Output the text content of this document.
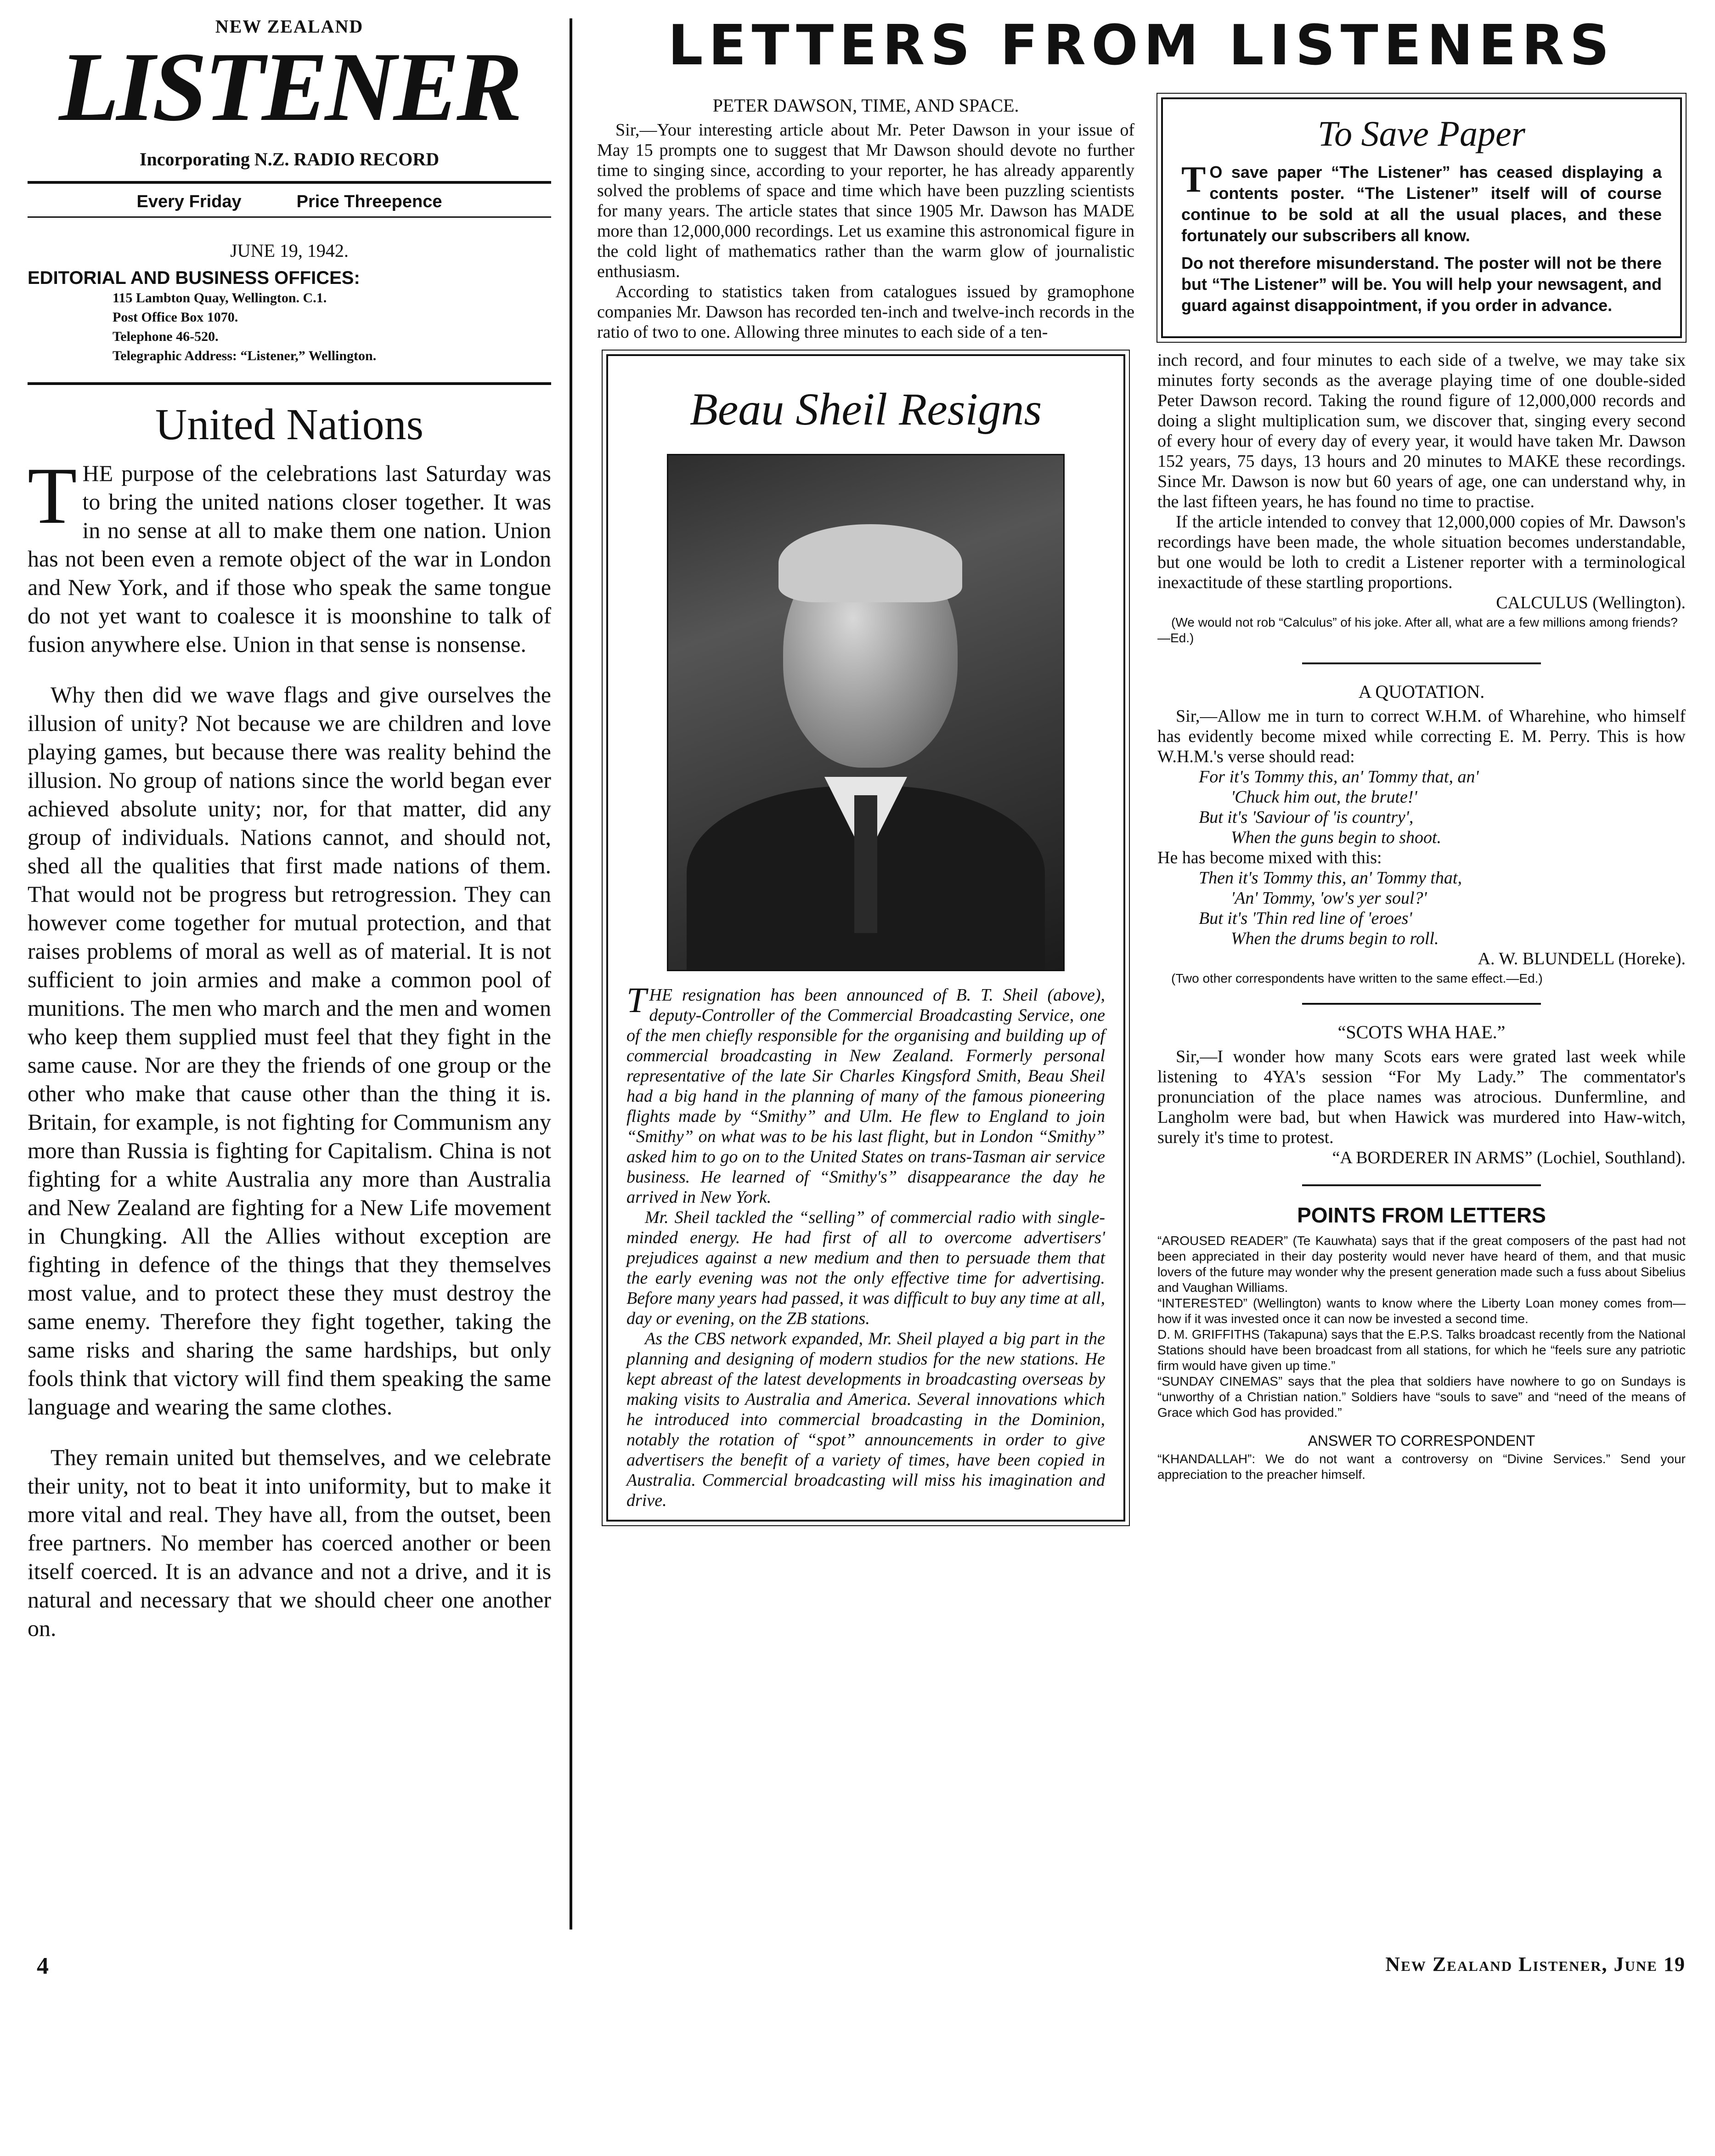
NEW ZEALAND
LISTENER
Incorporating N.Z. RADIO RECORD
Every Friday	Price Threepence
JUNE 19, 1942.
EDITORIAL AND BUSINESS OFFICES:
115 Lambton Quay, Wellington. C.1.
Post Office Box 1070.
Telephone 46-520.
Telegraphic Address: “Listener,” Wellington.
United Nations

THE purpose of the celebrations last Saturday was to bring the united nations closer together. It was in no sense at all to make them one nation. Union has not been even a remote object of the war in London and New York, and if those who speak the same tongue do not yet want to coalesce it is moonshine to talk of fusion anywhere else. Union in that sense is nonsense.

Why then did we wave flags and give ourselves the illusion of unity? Not because we are children and love playing games, but because there was reality behind the illusion. No group of nations since the world began ever achieved absolute unity; nor, for that matter, did any group of individuals. Nations cannot, and should not, shed all the qualities that first made nations of them. That would not be progress but retrogression. They can however come together for mutual protection, and that raises problems of moral as well as of material. It is not sufficient to join armies and make a common pool of munitions. The men who march and the men and women who keep them supplied must feel that they fight in the same cause. Nor are they the friends of one group or the other who make that cause other than the thing it is. Britain, for example, is not fighting for Communism any more than Russia is fighting for Capitalism. China is not fighting for a white Australia any more than Australia and New Zealand are fighting for a New Life movement in Chungking. All the Allies without exception are fighting in defence of the things that they themselves most value, and to protect these they must destroy the same enemy. Therefore they fight together, taking the same risks and sharing the same hardships, but only fools think that victory will find them speaking the same language and wearing the same clothes.

They remain united but themselves, and we celebrate their unity, not to beat it into uniformity, but to make it more vital and real. They have all, from the outset, been free partners. No member has coerced another or been itself coerced. It is an advance and not a drive, and it is natural and necessary that we should cheer one another on.

LETTERS FROM LISTENERS
PETER DAWSON, TIME, AND SPACE.

Sir,—Your interesting article about Mr. Peter Dawson in your issue of May 15 prompts one to suggest that Mr Dawson should devote no further time to singing since, according to your reporter, he has already apparently solved the problems of space and time which have been puzzling scientists for many years. The article states that since 1905 Mr. Dawson has MADE more than 12,000,000 recordings. Let us examine this astronomical figure in the cold light of mathematics rather than the warm glow of journalistic enthusiasm.

According to statistics taken from catalogues issued by gramophone companies Mr. Dawson has recorded ten-inch and twelve-inch records in the ratio of two to one. Allowing three minutes to each side of a ten-

Beau Sheil Resigns

THE resignation has been announced of B. T. Sheil (above), deputy-Controller of the Commercial Broadcasting Service, one of the men chiefly responsible for the organising and building up of commercial broadcasting in New Zealand. Formerly personal representative of the late Sir Charles Kingsford Smith, Beau Sheil had a big hand in the planning of many of the famous pioneering flights made by “Smithy” and Ulm. He flew to England to join “Smithy” on what was to be his last flight, but in London “Smithy” asked him to go on to the United States on trans-Tasman air service business. He learned of “Smithy's” disappearance the day he arrived in New York.

Mr. Sheil tackled the “selling” of commercial radio with single-minded energy. He had first of all to overcome advertisers' prejudices against a new medium and then to persuade them that the early evening was not the only effective time for advertising. Before many years had passed, it was difficult to buy any time at all, day or evening, on the ZB stations.

As the CBS network expanded, Mr. Sheil played a big part in the planning and designing of modern studios for the new stations. He kept abreast of the latest developments in broadcasting overseas by making visits to Australia and America. Several innovations which he introduced into commercial broadcasting in the Dominion, notably the rotation of “spot” announcements in order to give advertisers the benefit of a variety of times, have been copied in Australia. Commercial broadcasting will miss his imagination and drive.

To Save Paper

T O save paper “The Listener” has ceased displaying a contents poster. “The Listener” itself will of course continue to be sold at all the usual places, and these fortunately our subscribers all know.

Do not therefore misunderstand. The poster will not be there but “The Listener” will be. You will help your newsagent, and guard against disappointment, if you order in advance.

inch record, and four minutes to each side of a twelve, we may take six minutes forty seconds as the average playing time of one double-sided Peter Dawson record. Taking the round figure of 12,000,000 records and doing a slight multiplication sum, we discover that, singing every second of every hour of every day of every year, it would have taken Mr. Dawson 152 years, 75 days, 13 hours and 20 minutes to MAKE these recordings. Since Mr. Dawson is now but 60 years of age, one can understand why, in the last fifteen years, he has found no time to practise.

If the article intended to convey that 12,000,000 copies of Mr. Dawson's recordings have been made, the whole situation becomes understandable, but one would be loth to credit a Listener reporter with a terminological inexactitude of these startling proportions.

CALCULUS (Wellington).
(We would not rob “Calculus” of his joke. After all, what are a few millions among friends?—Ed.)
A QUOTATION.

Sir,—Allow me in turn to correct W.H.M. of Wharehine, who himself has evidently become mixed while correcting E. M. Perry. This is how W.H.M.'s verse should read:

For it's Tommy this, an' Tommy that, an'

'Chuck him out, the brute!'

But it's 'Saviour of 'is country',

When the guns begin to shoot.

He has become mixed with this:

Then it's Tommy this, an' Tommy that,

'An' Tommy, 'ow's yer soul?'

But it's 'Thin red line of 'eroes'

When the drums begin to roll.

A. W. BLUNDELL (Horeke).
(Two other correspondents have written to the same effect.—Ed.)
“SCOTS WHA HAE.”

Sir,—I wonder how many Scots ears were grated last week while listening to 4YA's session “For My Lady.” The commentator's pronunciation of the place names was atrocious. Dunfermline, and Langholm were bad, but when Hawick was murdered into Haw-witch, surely it's time to protest.

“A BORDERER IN ARMS” (Lochiel, Southland).
POINTS FROM LETTERS

“AROUSED READER” (Te Kauwhata) says that if the great composers of the past had not been appreciated in their day posterity would never have heard of them, and that music lovers of the future may wonder why the present generation made such a fuss about Sibelius and Vaughan Williams.

“INTERESTED” (Wellington) wants to know where the Liberty Loan money comes from—how if it was invested once it can now be invested a second time.

D. M. GRIFFITHS (Takapuna) says that the E.P.S. Talks broadcast recently from the National Stations should have been broadcast from all stations, for which he “feels sure any patriotic firm would have given up time.”

“SUNDAY CINEMAS” says that the plea that soldiers have nowhere to go on Sundays is “unworthy of a Christian nation.” Soldiers have “souls to save” and “need of the means of Grace which God has provided.”

ANSWER TO CORRESPONDENT

“KHANDALLAH”: We do not want a controversy on “Divine Services.” Send your appreciation to the preacher himself.

4	New Zealand Listener, June 19
